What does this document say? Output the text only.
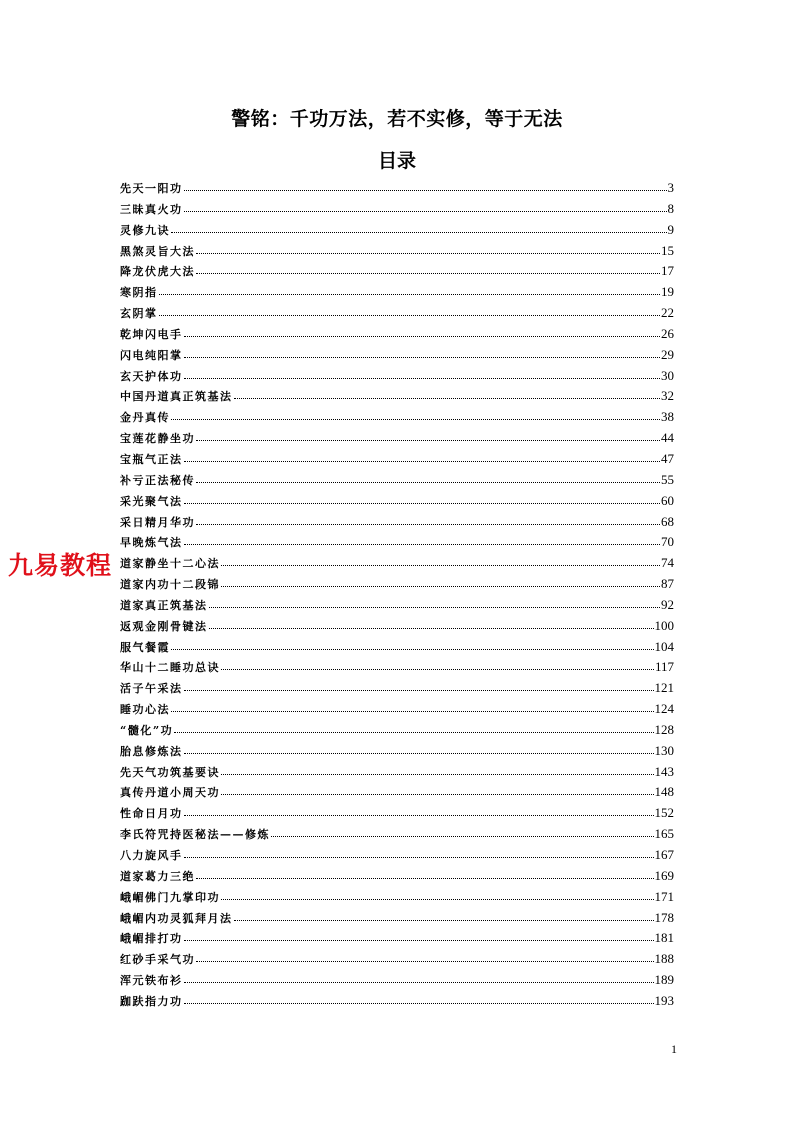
警铭：千功万法，若不实修，等于无法
目录
先天一阳功	3
三昧真火功	8
灵修九诀	9
黑煞灵旨大法	15
降龙伏虎大法	17
寒阴指	19
玄阴掌	22
乾坤闪电手	26
闪电纯阳掌	29
玄天护体功	30
中国丹道真正筑基法	32
金丹真传	38
宝莲花静坐功	44
宝瓶气正法	47
补亏正法秘传	55
采光聚气法	60
采日精月华功	68
早晚炼气法	70
道家静坐十二心法	74
道家内功十二段锦	87
道家真正筑基法	92
返观金刚骨键法	100
服气餐霞	104
华山十二睡功总诀	117
活子午采法	121
睡功心法	124
“髓化”功	128
胎息修炼法	130
先天气功筑基要诀	143
真传丹道小周天功	148
性命日月功	152
李氏符咒持医秘法——修炼	165
八力旋风手	167
道家葛力三绝	169
峨嵋佛门九掌印功	171
峨嵋内功灵狐拜月法	178
峨嵋排打功	181
红砂手采气功	188
浑元铁布衫	189
跏趺指力功	193
九易教程
1
